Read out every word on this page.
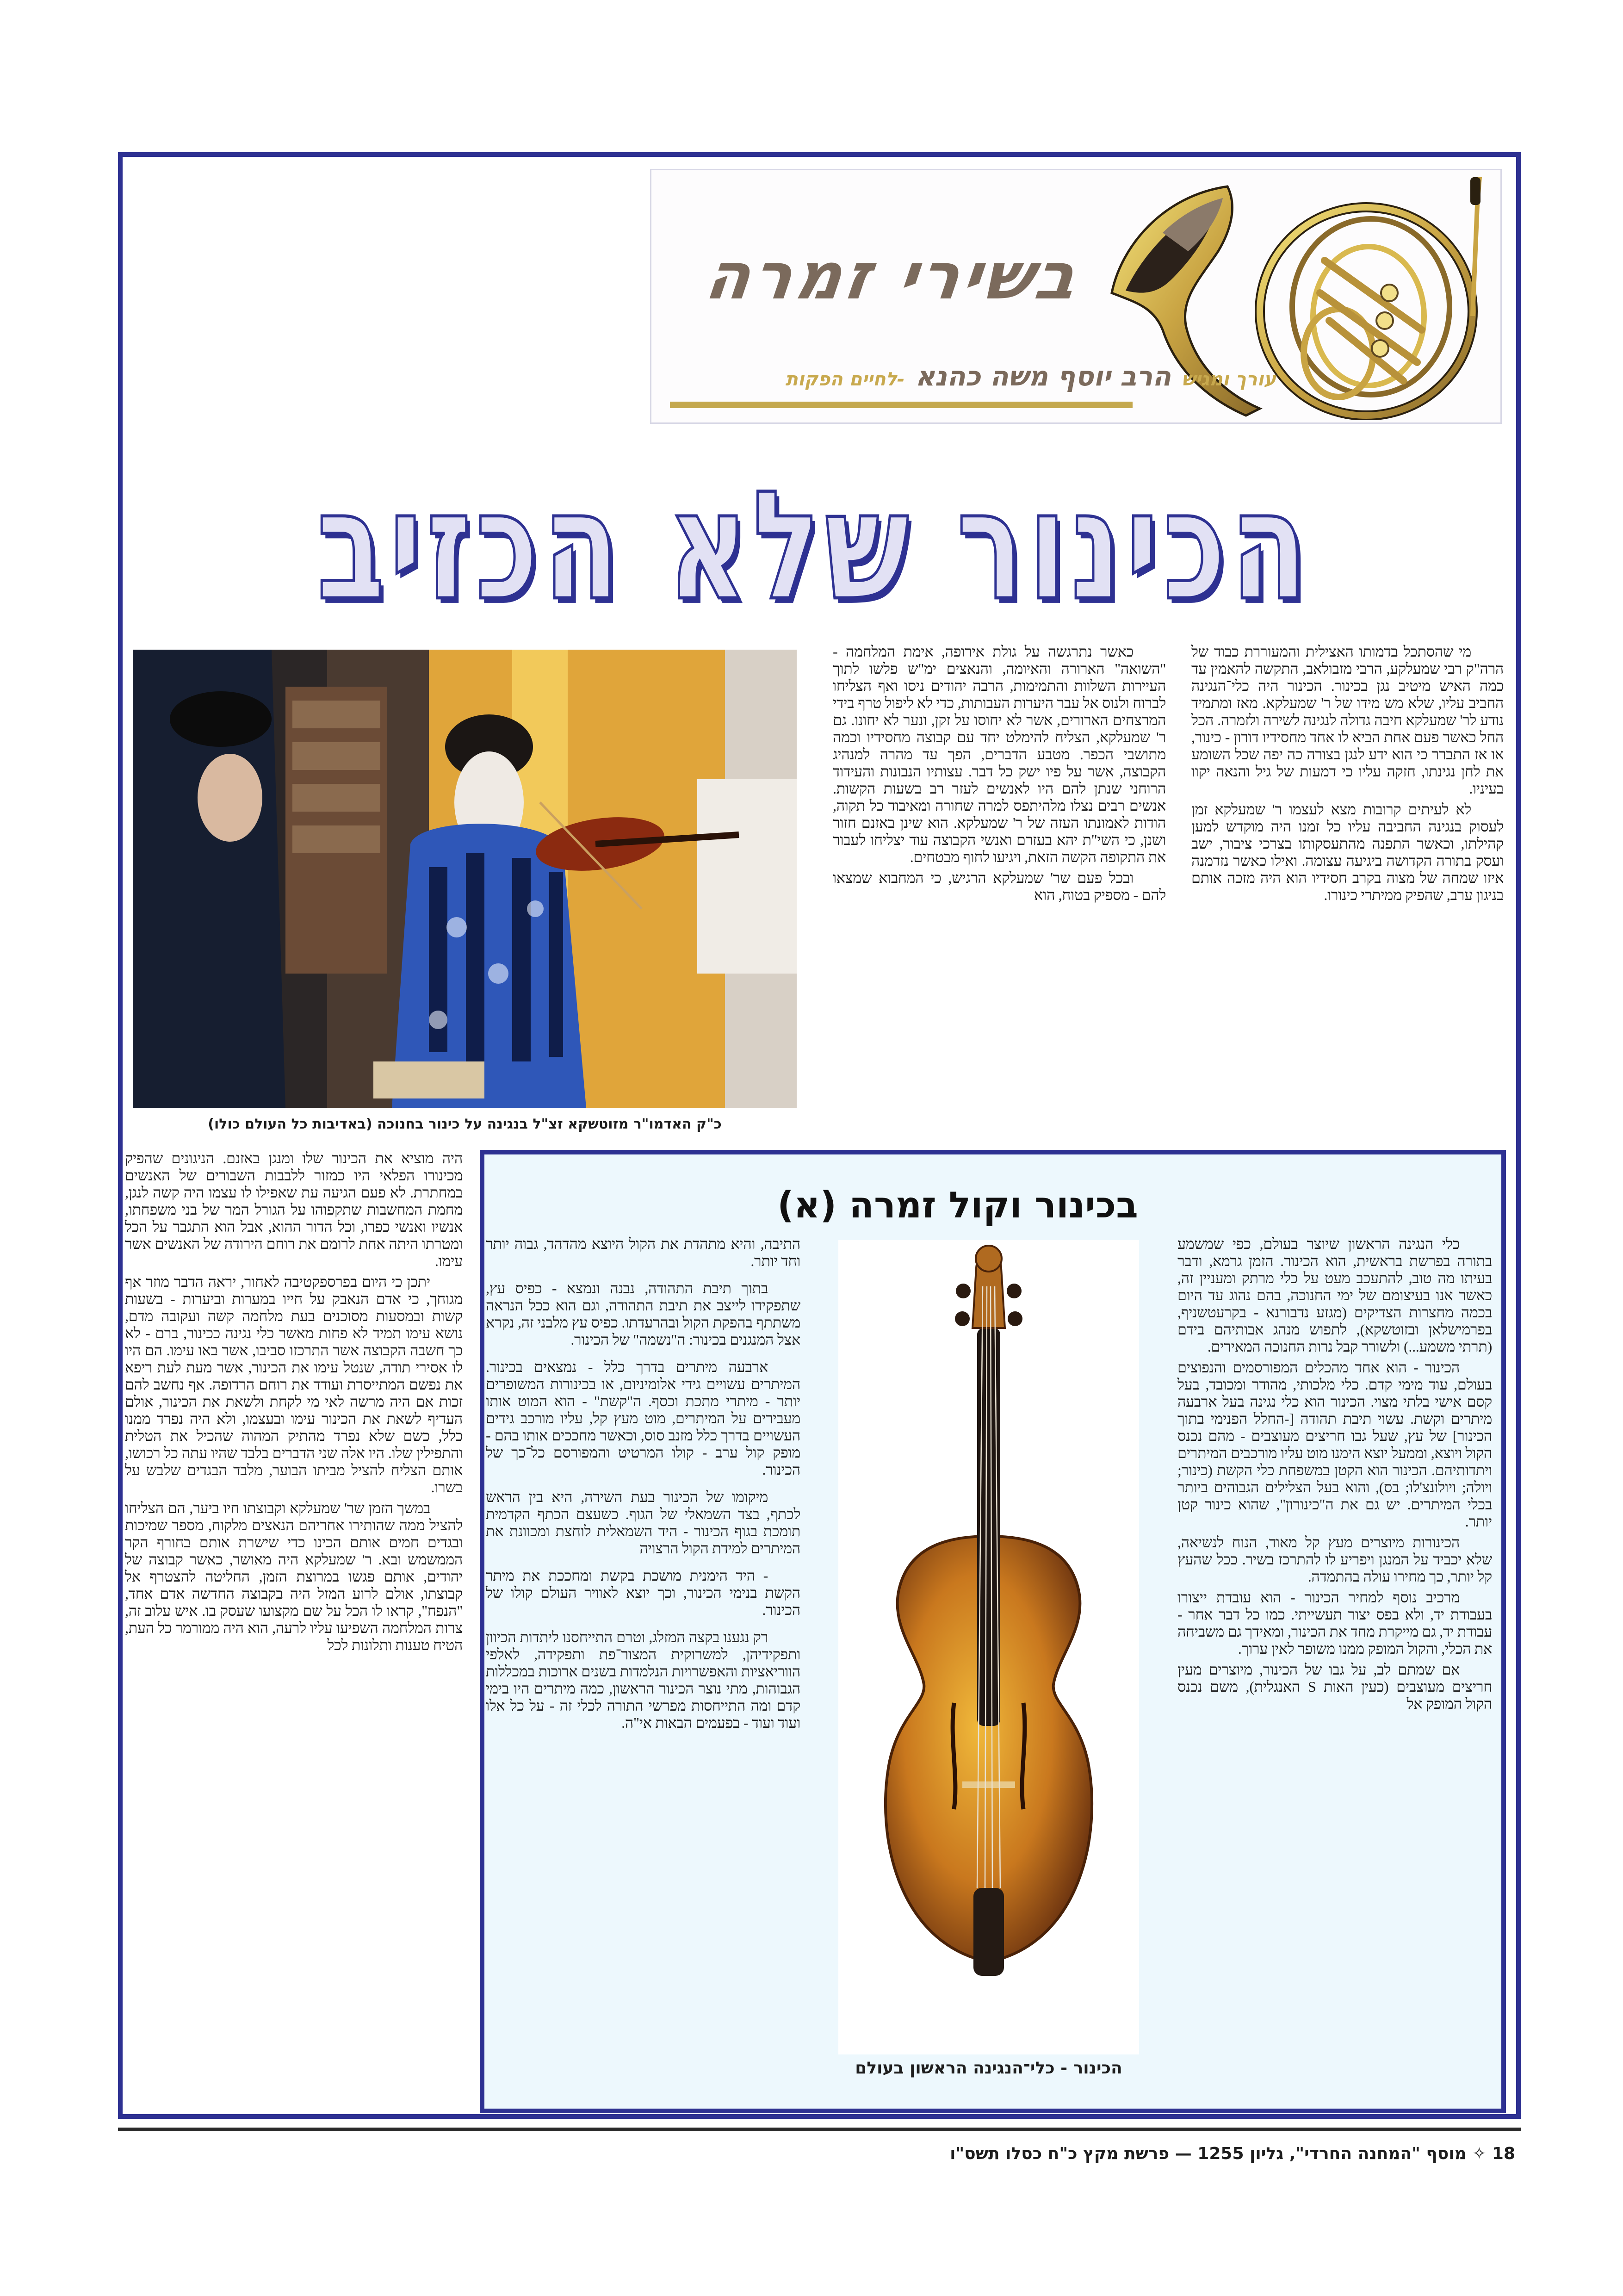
בשירי זמרה
עורך ומגיש הרב יוסף משה כהנא -לחיים הפקות
הכינור שלא הכזיב

מי שהסתכל בדמותו האצילית והמעוררת כבוד של הרה"ק רבי שמעלקע, הרבי מזבולאב, התקשה להאמין עד כמה האיש מיטיב נגן בכינור. הכינור היה כלי־הנגינה החביב עליו, שלא מש מידו של ר' שמעלקא. מאז ומתמיד נודע לר' שמעלקא חיבה גדולה לנגינה לשירה ולזמרה. הכל החל כאשר פעם אחת הביא לו אחד מחסידיו דורון - כינור, או אז התברר כי הוא ידע לנגן בצורה כה יפה שכל השומע את לחן נגינתו, חזקה עליו כי דמעות של גיל והנאה יקוו בעיניו.

לא לעיתים קרובות מצא לעצמו ר' שמעלקא זמן לעסוק בנגינה החביבה עליו כל זמנו היה מוקדש למען קהילתו, וכאשר התפנה מהתעסקותו בצרכי ציבור, ישב ועסק בתורה הקדושה ביגיעה עצומה. ואילו כאשר נזדמנה איזו שמחה של מצוה בקרב חסידיו הוא היה מזכה אותם בניגון ערב, שהפיק ממיתרי כינורו.

כאשר נתרגשה על גולת אירופה, אימת המלחמה - "השואה" הארורה והאיומה, והנאצים ימ"ש פלשו לתוך העיירות השלוות והתמימות, הרבה יהודים ניסו ואף הצליחו לברוח ולנוס אל עבר היערות העבותות, כדי לא ליפול טרף בידי המרצחים הארורים, אשר לא יחוסו על זקן, ונער לא יחונו. גם ר' שמעלקא, הצליח להימלט יחד עם קבוצה מחסידיו וכמה מתושבי הכפר. מטבע הדברים, הפך עד מהרה למנהיג הקבוצה, אשר על פיו ישק כל דבר. עצותיו הנבונות והעידוד הרוחני שנתן להם היו לאנשים לעזר רב בשעות הקשות. אנשים רבים נצלו מלהיתפס למרה שחורה ומאיבוד כל תקוה, הודות לאמונתו העזה של ר' שמעלקא. הוא שינן באזנם חזור ושנן, כי השי"ת יהא בעזרם ואנשי הקבוצה עוד יצליחו לעבור את התקופה הקשה הזאת, ויגיעו לחוף מבטחים.

ובכל פעם שר' שמעלקא הרגיש, כי המחבוא שמצאו להם - מספיק בטוח, הוא

כ"ק האדמו"ר מזוטשקא זצ"ל בנגינה על כינור בחנוכה (באדיבות כל העולם כולו)

היה מוציא את הכינור שלו ומנגן באזנם. הניגונים שהפיק מכינורו הפלאי היו כמזור ללבבות השבורים של האנשים במחתרת. לא פעם הגיעה עת שאפילו לו עצמו היה קשה לנגן, מחמת המחשבות שתקפוהו על הגורל המר של בני משפחתו, אנשיו ואנשי כפרו, וכל הדור ההוא, אבל הוא התגבר על הכל ומטרתו היתה אחת לרומם את רוחם הירודה של האנשים אשר עימו.

יתכן כי היום בפרספקטיבה לאחור, יראה הדבר מוזר אף מגוחך, כי אדם הנאבק על חייו במערות וביערות - בשעות קשות ובמסעות מסוכנים בעת מלחמה קשה ועקובה מדם, נושא עימו תמיד לא פחות מאשר כלי נגינה ככינור, ברם - לא כך חשבה הקבוצה אשר התרכזו סביבו, אשר באו עימו. הם היו לו אסירי תודה, שנטל עימו את הכינור, אשר מעת לעת ריפא את נפשם המתייסרת ועודד את רוחם הרדופה. אף נחשב להם זכות אם היה מרשה לאי מי לקחת ולשאת את הכינור, אולם העדיף לשאת את הכינור עימו ובעצמו, ולא היה נפרד ממנו כלל, כשם שלא נפרד מהתיק המהוה שהכיל את הטלית והתפילין שלו. היו אלה שני הדברים בלבד שהיו עתה כל רכושו, אותם הצליח להציל מביתו הבוער, מלבד הבגדים שלבש על בשרו.

במשך הזמן שר' שמעלקא וקבוצתו חיו ביער, הם הצליחו להציל ממה שהותירו אחריהם הנאצים מלקוח, מספר שמיכות ובגדים חמים אותם הכינו כדי שישרת אותם בחורף הקר הממשמש ובא. ר' שמעלקא היה מאושר, כאשר קבוצה של יהודים, אותם פגשו במרוצת הזמן, החליטה להצטרף אל קבוצתו, אולם לרוע המזל היה בקבוצה החדשה אדם אחד, "הנפח", קראו לו הכל על שם מקצועו שעסק בו. איש עלוב זה, צרות המלחמה השפיעו עליו לרעה, הוא היה ממורמר כל העת, הטיח טענות ותלונות לכל

בכינור וקול זמרה (א)

כלי הנגינה הראשון שיוצר בעולם, כפי שמשמע בתורה בפרשת בראשית, הוא הכינור. הזמן גרמא, ודבר בעיתו מה טוב, להתעכב מעט על כלי מרתק ומעניין זה, כאשר אנו בעיצומם של ימי החנוכה, בהם נהוג עד היום בכמה מחצרות הצדיקים (מגזע נדבורנא - בקרעטשניף, בפרמישלאן ובזוטשקא), לתפוש מנהג אבותיהם בידם (תרתי משמע...) ולשורר קבל נרות החנוכה המאירים.

הכינור - הוא אחד מהכלים המפורסמים והנפוצים בעולם, עוד מימי קדם. כלי מלכותי, מהודר ומכובד, בעל קסם אישי בלתי מצוי. הכינור הוא כלי נגינה בעל ארבעה מיתרים וקשת. עשוי תיבת תהודה [-החלל הפנימי בתוך הכינור] של עץ, שעל גבו חריצים מעוצבים - מהם נכנס הקול ויוצא, וממעל יוצא הימנו מוט עליו מורכבים המיתרים ויתדותיהם. הכינור הוא הקטן במשפחת כלי הקשת (כינור; ויולה; ויולונצ'לו; בס), והוא בעל הצלילים הגבוהים ביותר בכלי המיתרים. יש גם את ה"כינורון", שהוא כינור קטן יותר.

הכינורות מיוצרים מעץ קל מאוד, הנוח לנשיאה, שלא יכביד על המנגן ויפריע לו להתרכז בשיר. ככל שהעץ קל יותר, כך מחירו עולה בהתמדה.

מרכיב נוסף למחיר הכינור - הוא עובדת ייצורו בעבודת יד, ולא בפס יצור תעשייתי. כמו כל דבר אחר - עבודת יד, גם מייקרת מחד את הכינור, ומאידך גם משביחה את הכלי, והקול המופק ממנו משופר לאין ערוך.

אם שמתם לב, על גבו של הכינור, מיוצרים מעין חריצים מעוצבים (כעין האות S האנגלית), משם נכנס הקול המופק אל

התיבה, והיא מתהדת את הקול היוצא מהדהד, גבוה יותר וחד יותר.

בתוך תיבת התהודה, נבנה ונמצא - כפיס עץ, שתפקידו לייצב את תיבת התהודה, וגם הוא ככל הנראה משתתף בהפקת הקול ובהרעדתו. כפיס עץ מלבני זה, נקרא אצל המנגנים בכינור: ה"נשמה" של הכינור.

ארבעה מיתרים בדרך כלל - נמצאים בכינור. המיתרים עשויים גידי אלומיניום, או בכינורות המשופרים יותר - מיתרי מתכת וכסף. ה"קשת" - הוא המוט אותו מעבירים על המיתרים, מוט מעץ קל, עליו מורכב גידים העשויים בדרך כלל מזנב סוס, וכאשר מחככים אותו בהם - מופק קול ערב - קולו המרטיט והמפורסם כל־כך של הכינור.

מיקומו של הכינור בעת השירה, היא בין הראש לכתף, בצד השמאלי של הגוף. כשעצם הכתף הקדמית תומכת בגוף הכינור - היד השמאלית לוחצת ומכוונת את המיתרים למידת הקול הרצויה

- היד הימנית מושכת בקשת ומחככת את מיתר הקשת בנימי הכינור, וכך יוצא לאוויר העולם קולו של הכינור.

רק נגענו בקצה המזלג, וטרם התייחסנו ליתדות הכיוון ותפקידיהן, למשרוקית המצור־פת ותפקידה, לאלפי הווריאציות והאפשרויות הנלמדות בשנים ארוכות במכללות הגבוהות, מתי נוצר הכינור הראשון, כמה מיתרים היו בימי קדם ומה התייחסות מפרשי התורה לכלי זה - על כל אלו ועוד ועוד - בפעמים הבאות אי"ה.

הכינור - כלי־הנגינה הראשון בעולם
18 ✧ מוסף "המחנה החרדי", גליון 1255 — פרשת מקץ כ"ח כסלו תשס"ו
